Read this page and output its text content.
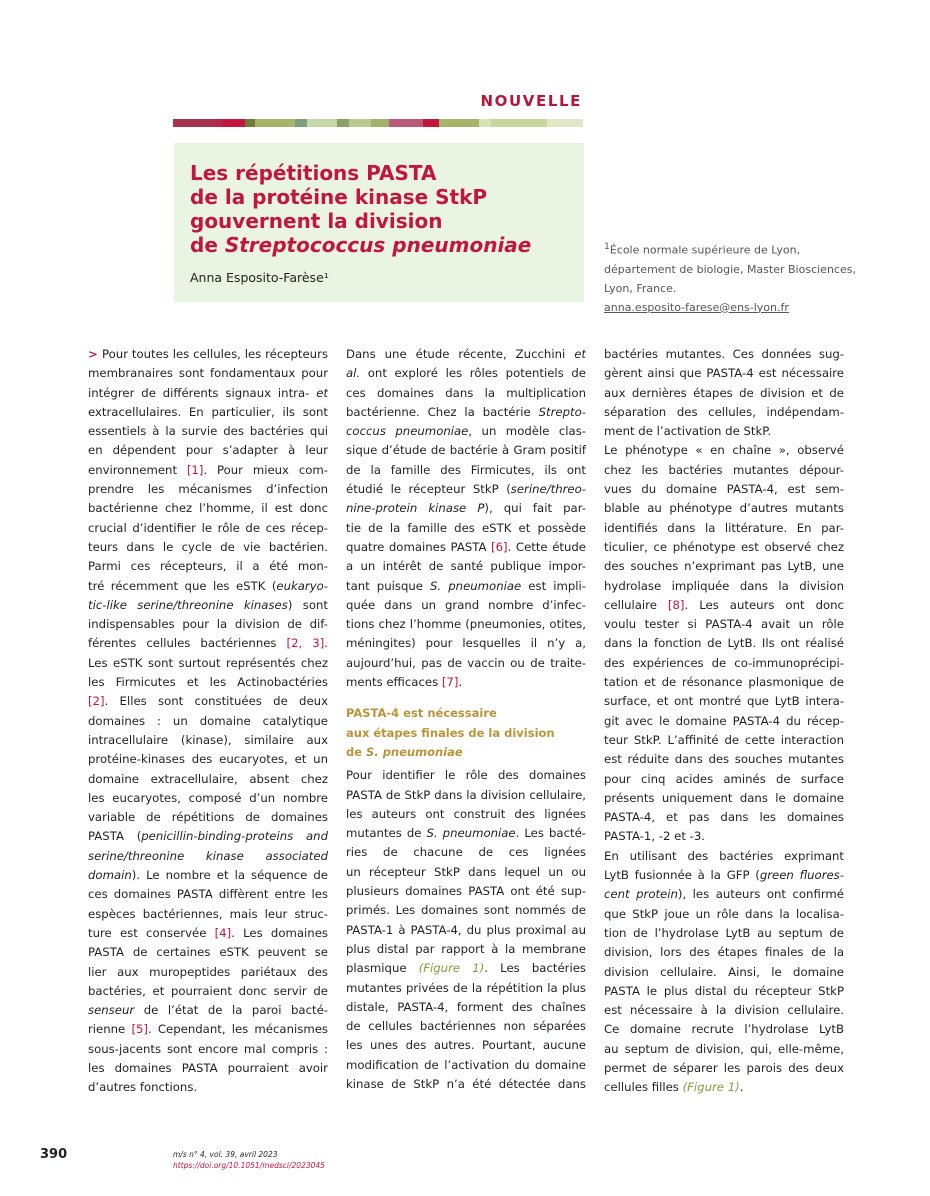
NOUVELLE
Les répétitions PASTA
de la protéine kinase StkP
gouvernent la division
de Streptococcus pneumoniae
Anna Esposito-Farèse¹
$^1$École normale supérieure de Lyon,
département de biologie, Master Biosciences,
Lyon, France.
anna.esposito-farese@ens-lyon.fr
> Pour toutes les cellules, les récepteurs
membranaires sont fondamentaux pour
intégrer de différents signaux intra- et
extracellulaires. En particulier, ils sont
essentiels à la survie des bactéries qui
en dépendent pour s’adapter à leur
environnement [1]. Pour mieux com-
prendre les mécanismes d’infection
bactérienne chez l’homme, il est donc
crucial d’identifier le rôle de ces récep-
teurs dans le cycle de vie bactérien.
Parmi ces récepteurs, il a été mon-
tré récemment que les eSTK (eukaryo-
tic-like serine/threonine kinases) sont
indispensables pour la division de dif-
férentes cellules bactériennes [2, 3].
Les eSTK sont surtout représentés chez
les Firmicutes et les Actinobactéries
[2]. Elles sont constituées de deux
domaines : un domaine catalytique
intracellulaire (kinase), similaire aux
protéine-kinases des eucaryotes, et un
domaine extracellulaire, absent chez
les eucaryotes, composé d’un nombre
variable de répétitions de domaines
PASTA (penicillin-binding-proteins and
serine/threonine kinase associated
domain). Le nombre et la séquence de
ces domaines PASTA diffèrent entre les
espèces bactériennes, mais leur struc-
ture est conservée [4]. Les domaines
PASTA de certaines eSTK peuvent se
lier aux muropeptides pariétaux des
bactéries, et pourraient donc servir de
senseur de l’état de la paroi bacté-
rienne [5]. Cependant, les mécanismes
sous-jacents sont encore mal compris :
les domaines PASTA pourraient avoir
d’autres fonctions.
Dans une étude récente, Zucchini et
al. ont exploré les rôles potentiels de
ces domaines dans la multiplication
bactérienne. Chez la bactérie Strepto-
coccus pneumoniae, un modèle clas-
sique d’étude de bactérie à Gram positif
de la famille des Firmicutes, ils ont
étudié le récepteur StkP (serine/threo-
nine-protein kinase P), qui fait par-
tie de la famille des eSTK et possède
quatre domaines PASTA [6]. Cette étude
a un intérêt de santé publique impor-
tant puisque S. pneumoniae est impli-
quée dans un grand nombre d’infec-
tions chez l’homme (pneumonies, otites,
méningites) pour lesquelles il n’y a,
aujourd’hui, pas de vaccin ou de traite-
ments efficaces [7].
PASTA-4 est nécessaire
aux étapes finales de la division
de S. pneumoniae
Pour identifier le rôle des domaines
PASTA de StkP dans la division cellulaire,
les auteurs ont construit des lignées
mutantes de S. pneumoniae. Les bacté-
ries de chacune de ces lignées
un récepteur StkP dans lequel un ou
plusieurs domaines PASTA ont été sup-
primés. Les domaines sont nommés de
PASTA-1 à PASTA-4, du plus proximal au
plus distal par rapport à la membrane
plasmique (Figure 1). Les bactéries
mutantes privées de la répétition la plus
distale, PASTA-4, forment des chaînes
de cellules bactériennes non séparées
les unes des autres. Pourtant, aucune
modification de l’activation du domaine
kinase de StkP n’a été détectée dans
bactéries mutantes. Ces données sug-
gèrent ainsi que PASTA-4 est nécessaire
aux dernières étapes de division et de
séparation des cellules, indépendam-
ment de l’activation de StkP.
Le phénotype « en chaîne », observé
chez les bactéries mutantes dépour-
vues du domaine PASTA-4, est sem-
blable au phénotype d’autres mutants
identifiés dans la littérature. En par-
ticulier, ce phénotype est observé chez
des souches n’exprimant pas LytB, une
hydrolase impliquée dans la division
cellulaire [8]. Les auteurs ont donc
voulu tester si PASTA-4 avait un rôle
dans la fonction de LytB. Ils ont réalisé
des expériences de co-immunoprécipi-
tation et de résonance plasmonique de
surface, et ont montré que LytB intera-
git avec le domaine PASTA-4 du récep-
teur StkP. L’affinité de cette interaction
est réduite dans des souches mutantes
pour cinq acides aminés de surface
présents uniquement dans le domaine
PASTA-4, et pas dans les domaines
PASTA-1, -2 et -3.
En utilisant des bactéries exprimant
LytB fusionnée à la GFP (green fluores-
cent protein), les auteurs ont confirmé
que StkP joue un rôle dans la localisa-
tion de l’hydrolase LytB au septum de
division, lors des étapes finales de la
division cellulaire. Ainsi, le domaine
PASTA le plus distal du récepteur StkP
est nécessaire à la division cellulaire.
Ce domaine recrute l’hydrolase LytB
au septum de division, qui, elle-même,
permet de séparer les parois des deux
cellules filles (Figure 1).
390	m/s n° 4, vol. 39, avril 2023
https://doi.org/10.1051/medsci/2023045
